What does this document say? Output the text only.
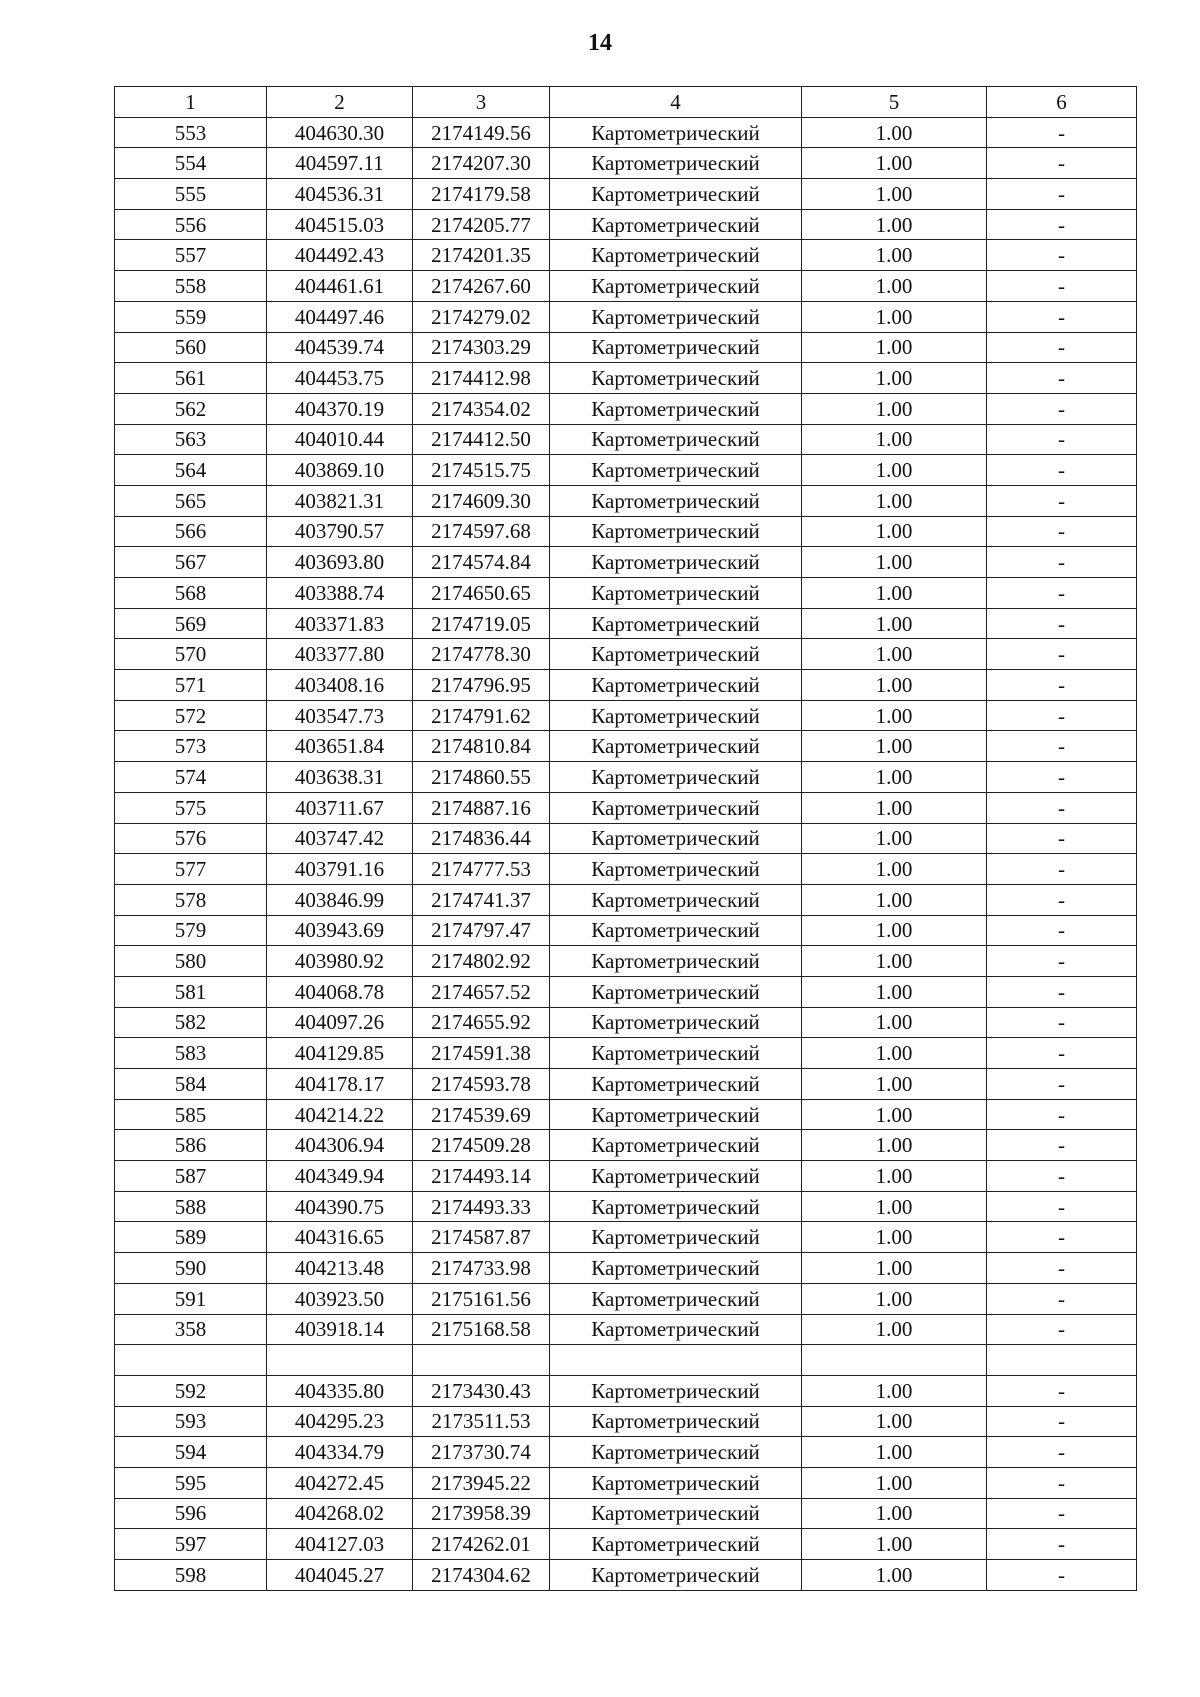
14
1	2	3	4	5	6
553	404630.30	2174149.56	Картометрический	1.00	-
554	404597.11	2174207.30	Картометрический	1.00	-
555	404536.31	2174179.58	Картометрический	1.00	-
556	404515.03	2174205.77	Картометрический	1.00	-
557	404492.43	2174201.35	Картометрический	1.00	-
558	404461.61	2174267.60	Картометрический	1.00	-
559	404497.46	2174279.02	Картометрический	1.00	-
560	404539.74	2174303.29	Картометрический	1.00	-
561	404453.75	2174412.98	Картометрический	1.00	-
562	404370.19	2174354.02	Картометрический	1.00	-
563	404010.44	2174412.50	Картометрический	1.00	-
564	403869.10	2174515.75	Картометрический	1.00	-
565	403821.31	2174609.30	Картометрический	1.00	-
566	403790.57	2174597.68	Картометрический	1.00	-
567	403693.80	2174574.84	Картометрический	1.00	-
568	403388.74	2174650.65	Картометрический	1.00	-
569	403371.83	2174719.05	Картометрический	1.00	-
570	403377.80	2174778.30	Картометрический	1.00	-
571	403408.16	2174796.95	Картометрический	1.00	-
572	403547.73	2174791.62	Картометрический	1.00	-
573	403651.84	2174810.84	Картометрический	1.00	-
574	403638.31	2174860.55	Картометрический	1.00	-
575	403711.67	2174887.16	Картометрический	1.00	-
576	403747.42	2174836.44	Картометрический	1.00	-
577	403791.16	2174777.53	Картометрический	1.00	-
578	403846.99	2174741.37	Картометрический	1.00	-
579	403943.69	2174797.47	Картометрический	1.00	-
580	403980.92	2174802.92	Картометрический	1.00	-
581	404068.78	2174657.52	Картометрический	1.00	-
582	404097.26	2174655.92	Картометрический	1.00	-
583	404129.85	2174591.38	Картометрический	1.00	-
584	404178.17	2174593.78	Картометрический	1.00	-
585	404214.22	2174539.69	Картометрический	1.00	-
586	404306.94	2174509.28	Картометрический	1.00	-
587	404349.94	2174493.14	Картометрический	1.00	-
588	404390.75	2174493.33	Картометрический	1.00	-
589	404316.65	2174587.87	Картометрический	1.00	-
590	404213.48	2174733.98	Картометрический	1.00	-
591	403923.50	2175161.56	Картометрический	1.00	-
358	403918.14	2175168.58	Картометрический	1.00	-

592	404335.80	2173430.43	Картометрический	1.00	-
593	404295.23	2173511.53	Картометрический	1.00	-
594	404334.79	2173730.74	Картометрический	1.00	-
595	404272.45	2173945.22	Картометрический	1.00	-
596	404268.02	2173958.39	Картометрический	1.00	-
597	404127.03	2174262.01	Картометрический	1.00	-
598	404045.27	2174304.62	Картометрический	1.00	-
